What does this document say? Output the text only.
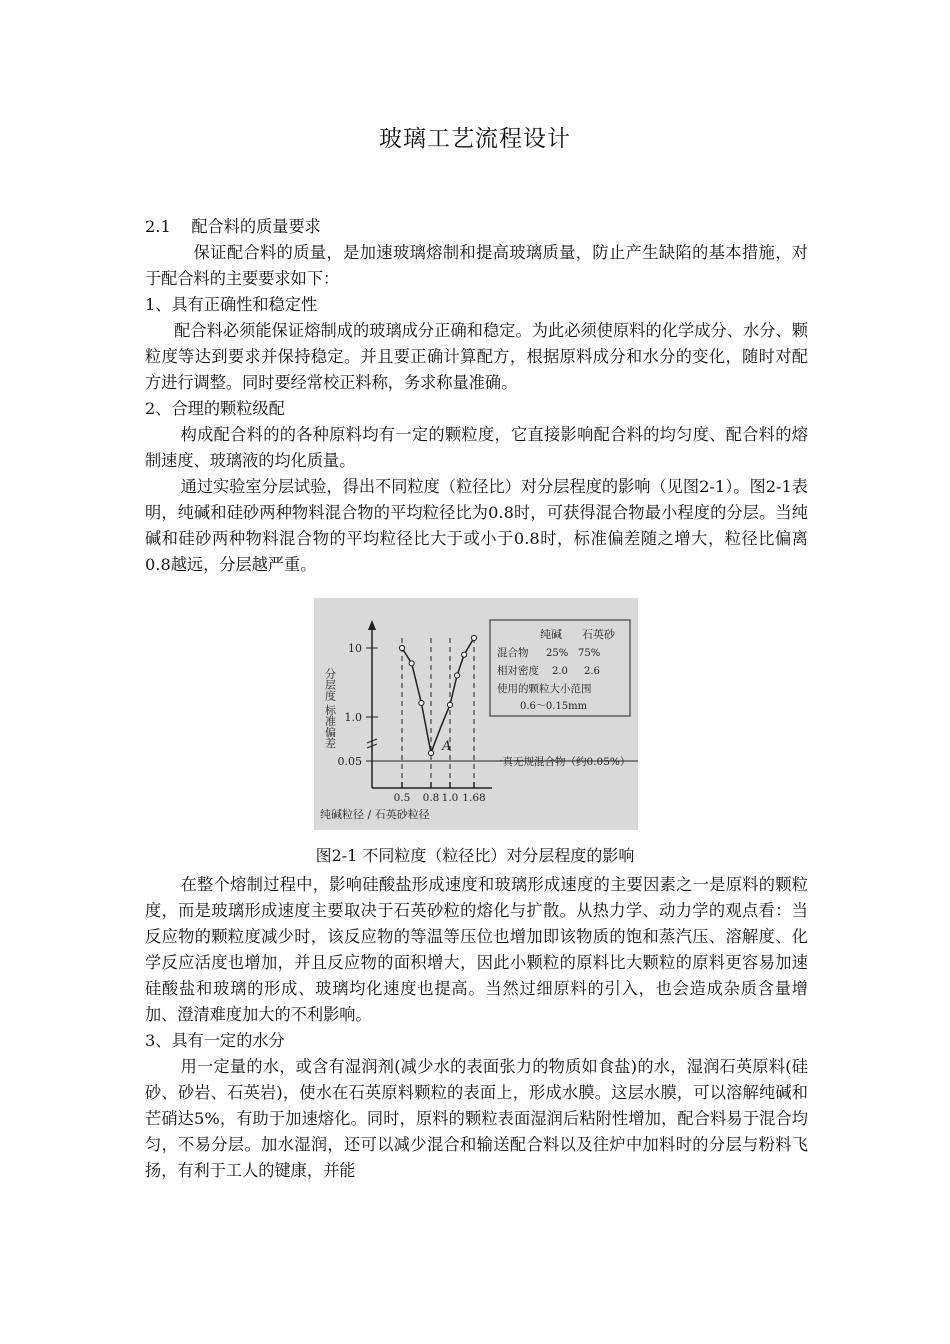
玻璃工艺流程设计

2.1 配合料的质量要求

保证配合料的质量，是加速玻璃熔制和提高玻璃质量，防止产生缺陷的基本措施，对于配合料的主要要求如下：

1、具有正确性和稳定性

配合料必须能保证熔制成的玻璃成分正确和稳定。为此必须使原料的化学成分、水分、颗粒度等达到要求并保持稳定。并且要正确计算配方，根据原料成分和水分的变化，随时对配方进行调整。同时要经常校正料称，务求称量准确。

2、合理的颗粒级配

构成配合料的的各种原料均有一定的颗粒度，它直接影响配合料的均匀度、配合料的熔制速度、玻璃液的均化质量。

通过实验室分层试验，得出不同粒度（粒径比）对分层程度的影响（见图2-1）。图2-1表明，纯碱和硅砂两种物料混合物的平均粒径比为0.8时，可获得混合物最小程度的分层。当纯碱和硅砂两种物料混合物的平均粒径比大于或小于0.8时，标准偏差随之增大，粒径比偏离0.8越远，分层越严重。

10
1.0
0.05
分层度 标准偏差	A
0.5 0.8 1.0 1.68
纯碱粒径 / 石英砂粒径
一真无规混合物（约0.05%）
纯碱 石英砂
混合物 25% 75%
相对密度 2.0 2.6
使用的颗粒大小范围
0.6～0.15mm
图2-1 不同粒度（粒径比）对分层程度的影响

在整个熔制过程中，影响硅酸盐形成速度和玻璃形成速度的主要因素之一是原料的颗粒度，而是玻璃形成速度主要取决于石英砂粒的熔化与扩散。从热力学、动力学的观点看：当反应物的颗粒度减少时，该反应物的等温等压位也增加即该物质的饱和蒸汽压、溶解度、化学反应活度也增加，并且反应物的面积增大，因此小颗粒的原料比大颗粒的原料更容易加速硅酸盐和玻璃的形成、玻璃均化速度也提高。当然过细原料的引入，也会造成杂质含量增加、澄清难度加大的不利影响。

3、具有一定的水分

用一定量的水，或含有湿润剂(减少水的表面张力的物质如食盐)的水，湿润石英原料(硅砂、砂岩、石英岩)，使水在石英原料颗粒的表面上，形成水膜。这层水膜，可以溶解纯碱和芒硝达5%，有助于加速熔化。同时，原料的颗粒表面湿润后粘附性增加，配合料易于混合均匀，不易分层。加水湿润，还可以减少混合和输送配合料以及往炉中加料时的分层与粉料飞扬，有利于工人的键康，并能
